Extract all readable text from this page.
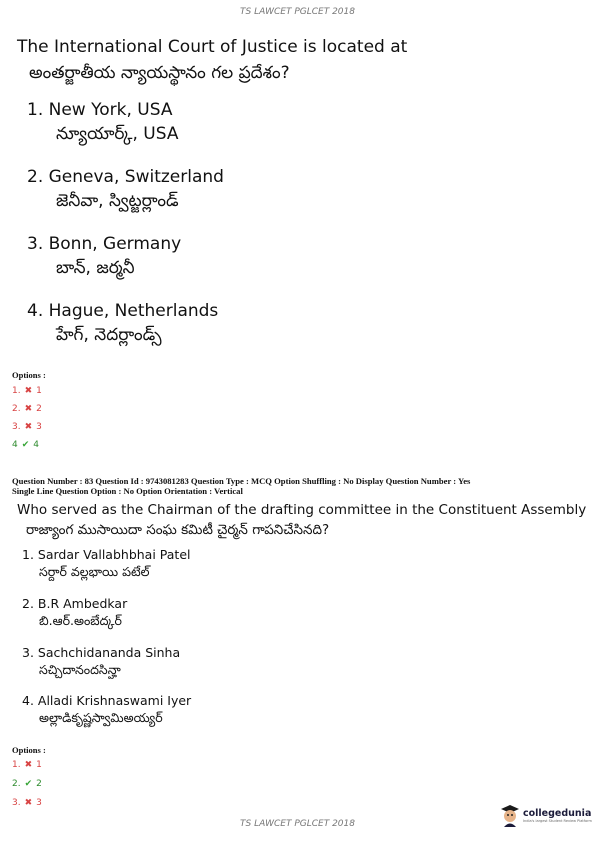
TS LAWCET PGLCET 2018
The International Court of Justice is located at
అంతర్జాతీయ న్యాయస్థానం గల ప్రదేశం?
1. New York, USA
న్యూయార్క్, USA
2. Geneva, Switzerland
జెనీవా, స్విట్జర్లాండ్
3. Bonn, Germany
బాన్, జర్మనీ
4. Hague, Netherlands
హేగ్, నెదర్లాండ్స్
Options :
1. ✖ 1
2. ✖ 2
3. ✖ 3
4 ✔ 4
Question Number : 83 Question Id : 9743081283 Question Type : MCQ Option Shuffling : No Display Question Number : Yes
Single Line Question Option : No Option Orientation : Vertical
Who served as the Chairman of the drafting committee in the Constituent Assembly
రాజ్యాంగ ముసాయిదా సంఘ కమిటీ చైర్మన్ గాపనిచేసినది?
1. Sardar Vallabhbhai Patel
సర్దార్ వల్లభాయి పటేల్
2. B.R Ambedkar
బి.ఆర్.అంబేద్కర్
3. Sachchidananda Sinha
సచ్చిదానందసిన్హా
4. Alladi Krishnaswami Iyer
అల్లాడికృష్ణస్వామిఅయ్యర్
Options :
1. ✖ 1
2. ✔ 2
3. ✖ 3
TS LAWCET PGLCET 2018
collegedunia
India's largest Student Review Platform
